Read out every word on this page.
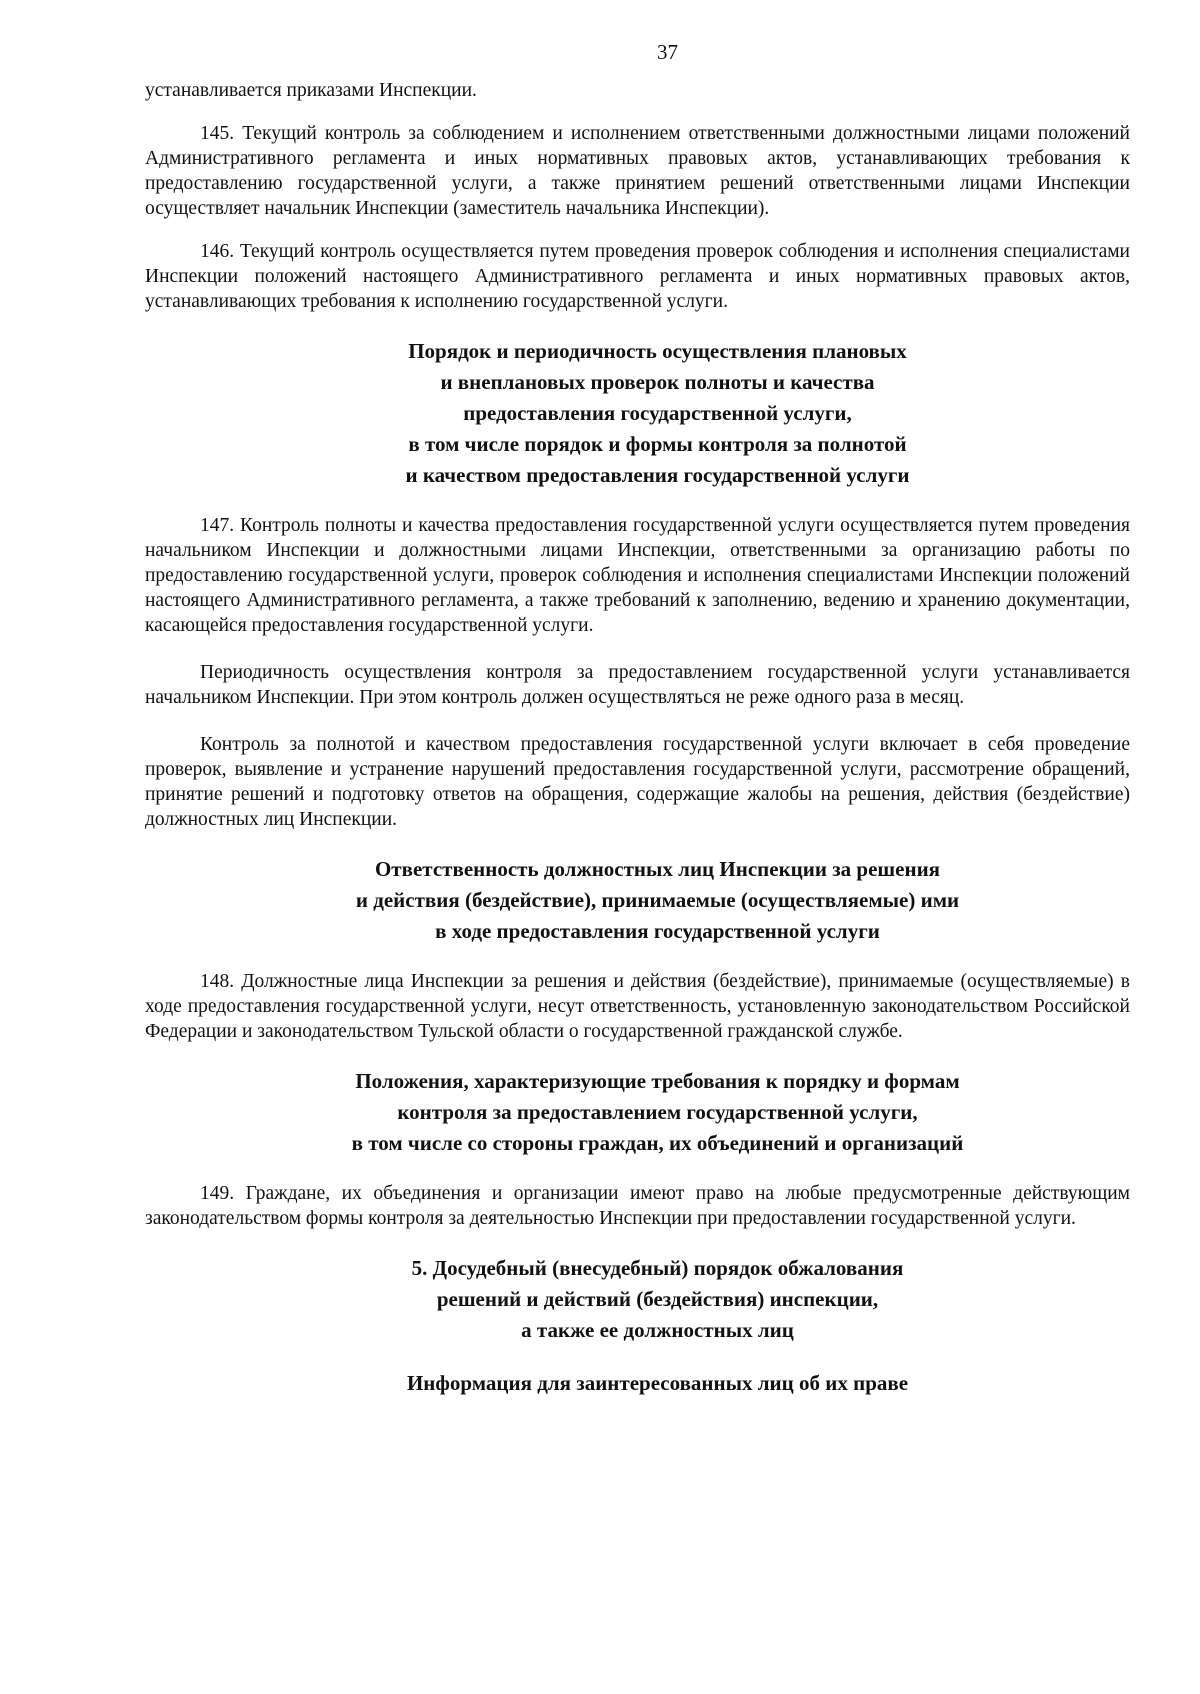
37

устанавливается приказами Инспекции.

145. Текущий контроль за соблюдением и исполнением ответственными должностными лицами положений Административного регламента и иных нормативных правовых актов, устанавливающих требования к предоставлению государственной услуги, а также принятием решений ответственными лицами Инспекции осуществляет начальник Инспекции (заместитель начальника Инспекции).

146. Текущий контроль осуществляется путем проведения проверок соблюдения и исполнения специалистами Инспекции положений настоящего Административного регламента и иных нормативных правовых актов, устанавливающих требования к исполнению государственной услуги.

Порядок и периодичность осуществления плановых
и внеплановых проверок полноты и качества
предоставления государственной услуги,
в том числе порядок и формы контроля за полнотой
и качеством предоставления государственной услуги

147. Контроль полноты и качества предоставления государственной услуги осуществляется путем проведения начальником Инспекции и должностными лицами Инспекции, ответственными за организацию работы по предоставлению государственной услуги, проверок соблюдения и исполнения специалистами Инспекции положений настоящего Административного регламента, а также требований к заполнению, ведению и хранению документации, касающейся предоставления государственной услуги.

Периодичность осуществления контроля за предоставлением государственной услуги устанавливается начальником Инспекции. При этом контроль должен осуществляться не реже одного раза в месяц.

Контроль за полнотой и качеством предоставления государственной услуги включает в себя проведение проверок, выявление и устранение нарушений предоставления государственной услуги, рассмотрение обращений, принятие решений и подготовку ответов на обращения, содержащие жалобы на решения, действия (бездействие) должностных лиц Инспекции.

Ответственность должностных лиц Инспекции за решения
и действия (бездействие), принимаемые (осуществляемые) ими
в ходе предоставления государственной услуги

148. Должностные лица Инспекции за решения и действия (бездействие), принимаемые (осуществляемые) в ходе предоставления государственной услуги, несут ответственность, установленную законодательством Российской Федерации и законодательством Тульской области о государственной гражданской службе.

Положения, характеризующие требования к порядку и формам
контроля за предоставлением государственной услуги,
в том числе со стороны граждан, их объединений и организаций

149. Граждане, их объединения и организации имеют право на любые предусмотренные действующим законодательством формы контроля за деятельностью Инспекции при предоставлении государственной услуги.

5. Досудебный (внесудебный) порядок обжалования
решений и действий (бездействия) инспекции,
а также ее должностных лиц
Информация для заинтересованных лиц об их праве
